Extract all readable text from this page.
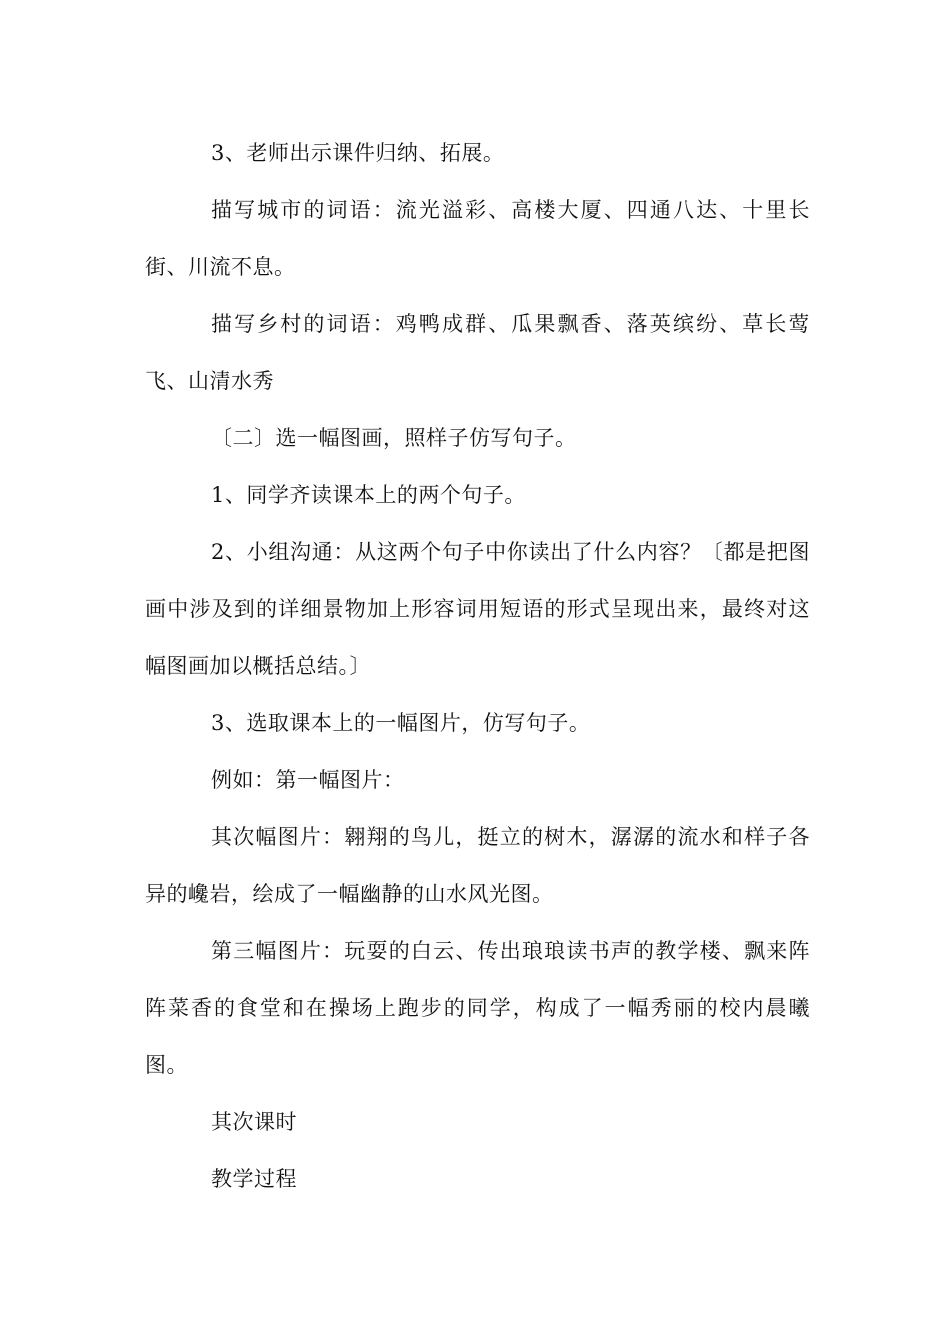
3、老师出示课件归纳、拓展。

描写城市的词语：流光溢彩、高楼大厦、四通八达、十里长街、川流不息。

描写乡村的词语：鸡鸭成群、瓜果飘香、落英缤纷、草长莺飞、山清水秀

〔二〕选一幅图画，照样子仿写句子。

1、同学齐读课本上的两个句子。

2、小组沟通：从这两个句子中你读出了什么内容？〔都是把图画中涉及到的详细景物加上形容词用短语的形式呈现出来，最终对这幅图画加以概括总结。〕

3、选取课本上的一幅图片，仿写句子。

例如：第一幅图片：

其次幅图片：翱翔的鸟儿，挺立的树木，潺潺的流水和样子各异的巉岩，绘成了一幅幽静的山水风光图。

第三幅图片：玩耍的白云、传出琅琅读书声的教学楼、飘来阵阵菜香的食堂和在操场上跑步的同学，构成了一幅秀丽的校内晨曦图。

其次课时

教学过程
